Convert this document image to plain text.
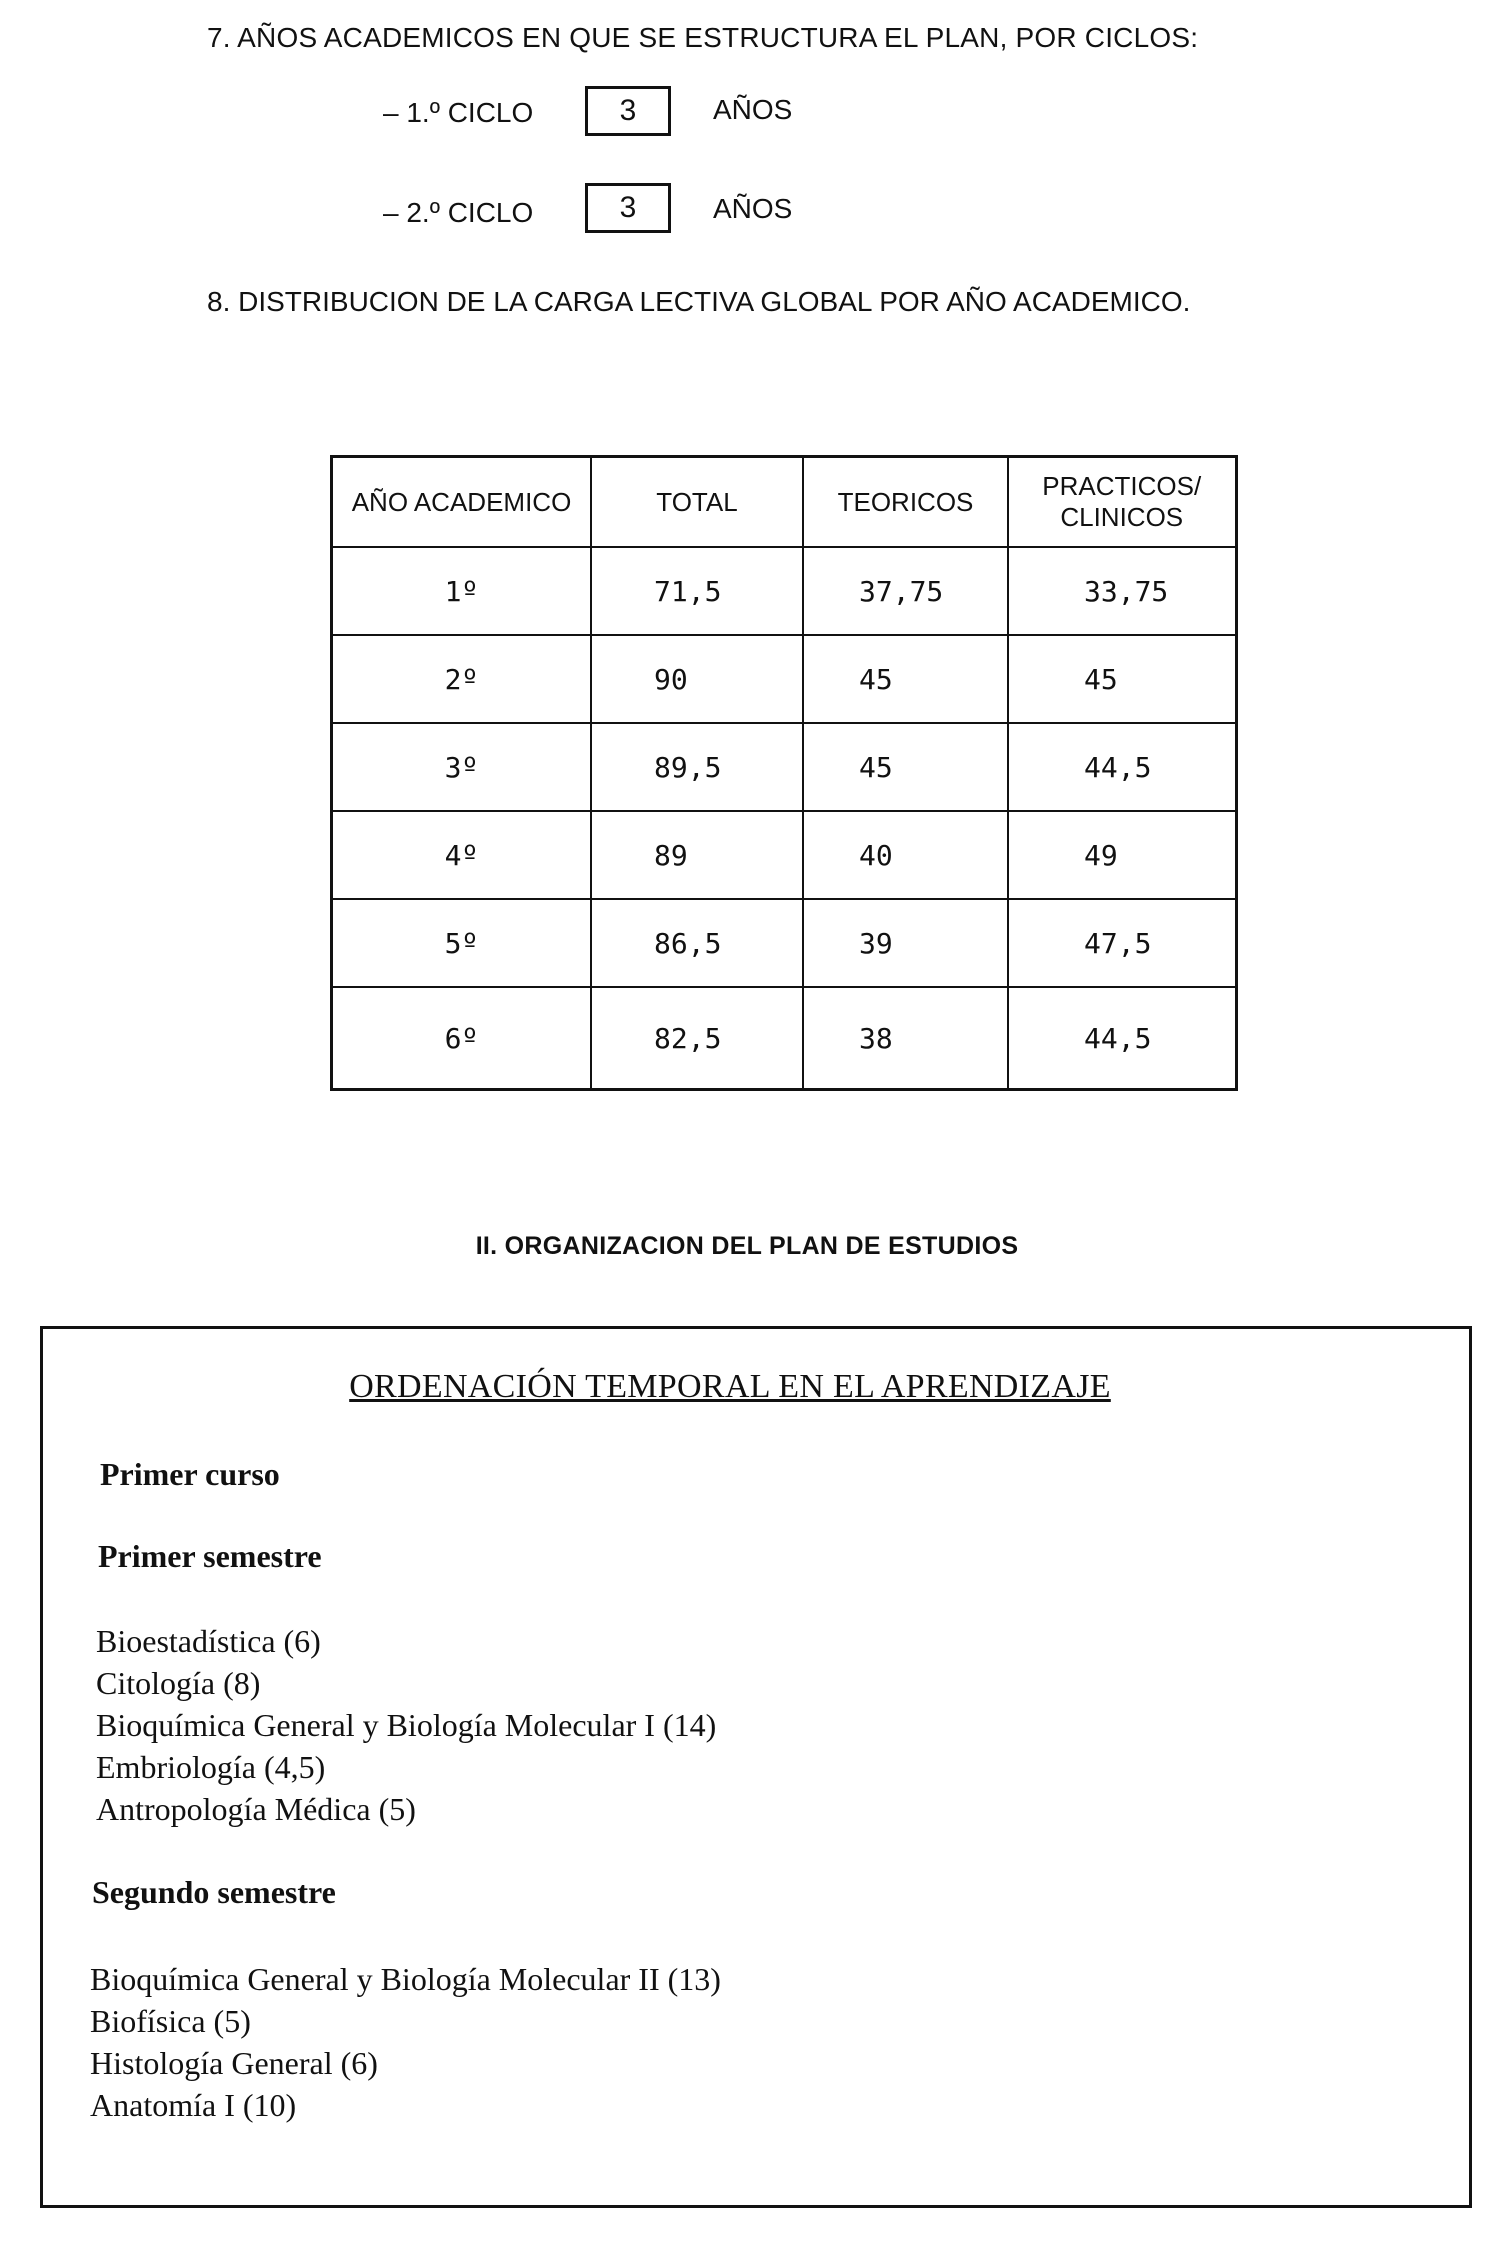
7. AÑOS ACADEMICOS EN QUE SE ESTRUCTURA EL PLAN, POR CICLOS:
– 1.º CICLO	3	AÑOS
– 2.º CICLO	3	AÑOS
8. DISTRIBUCION DE LA CARGA LECTIVA GLOBAL POR AÑO ACADEMICO.
AÑO ACADEMICO	TOTAL	TEORICOS	PRACTICOS/
CLINICOS

1º	71,5	37,75	33,75
2º	90	45	45
3º	89,5	45	44,5
4º	89	40	49
5º	86,5	39	47,5
6º	82,5	38	44,5
II. ORGANIZACION DEL PLAN DE ESTUDIOS
ORDENACIÓN TEMPORAL EN EL APRENDIZAJE
Primer curso
Primer semestre
Bioestadística (6)
Citología (8)
Bioquímica General y Biología Molecular I (14)
Embriología (4,5)
Antropología Médica (5)
Segundo semestre
Bioquímica General y Biología Molecular II (13)
Biofísica (5)
Histología General (6)
Anatomía I (10)
